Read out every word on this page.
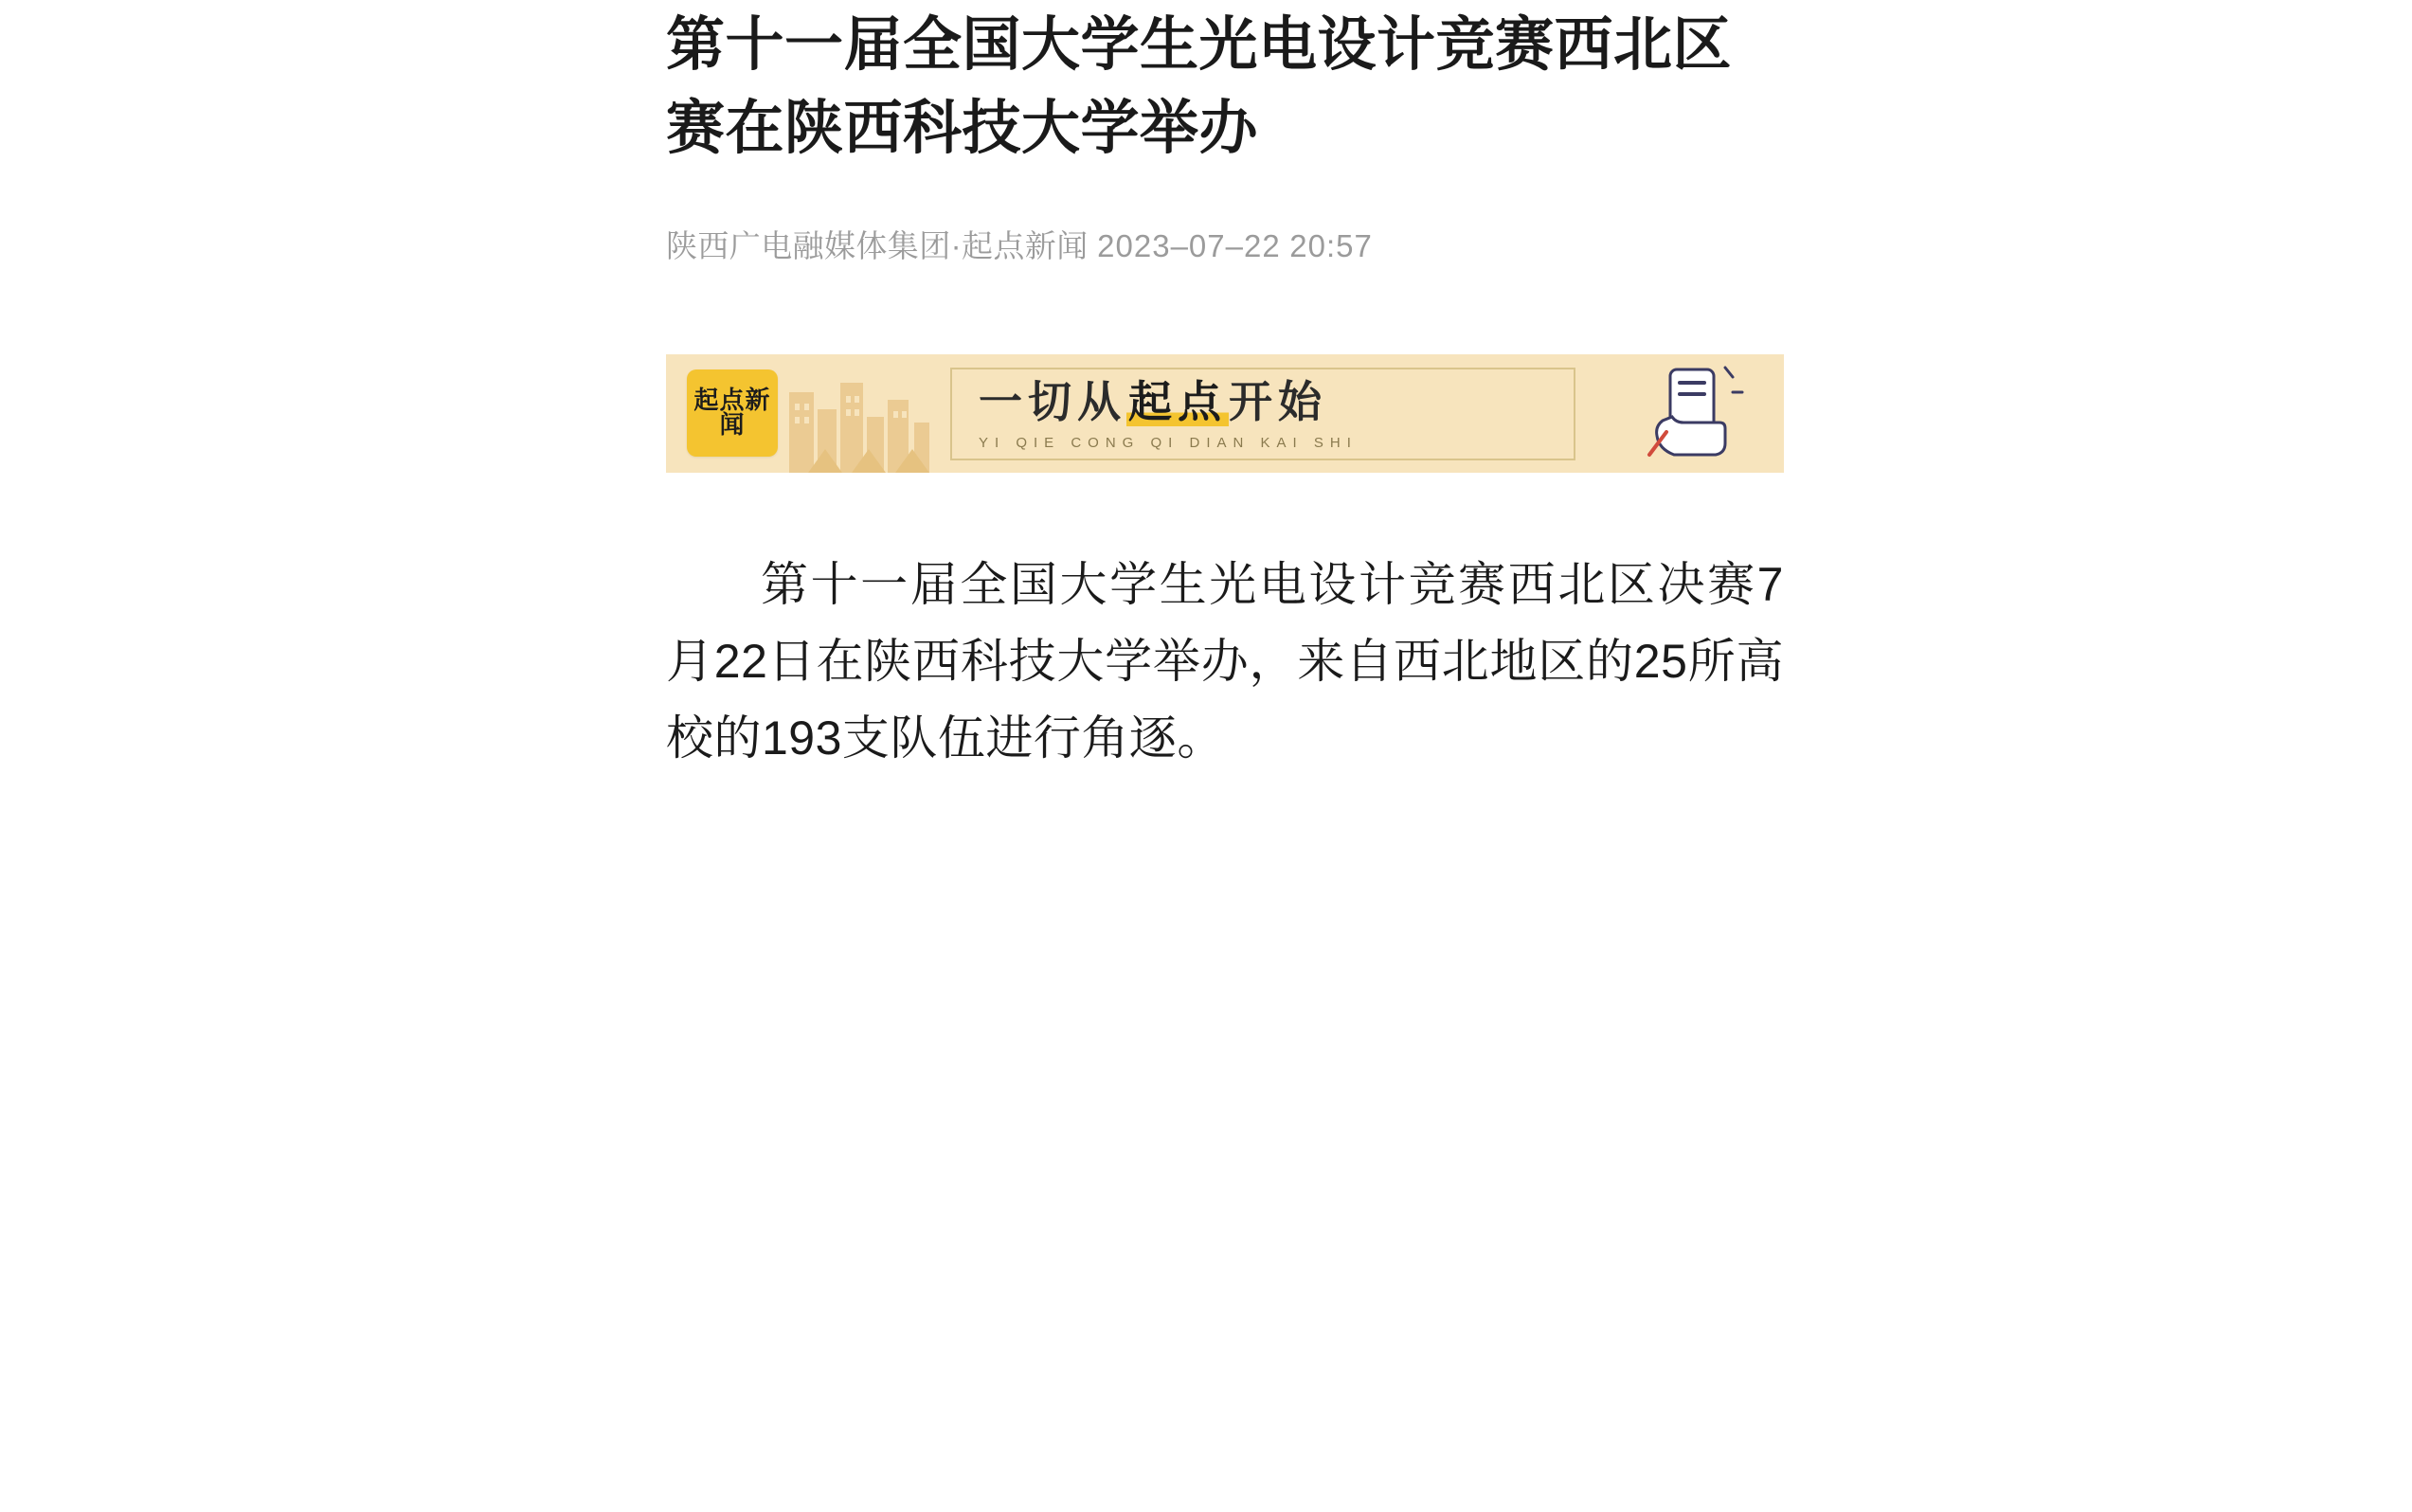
第十一届全国大学生光电设计竞赛西北区赛在陕西科技大学举办
陕西广电融媒体集团·起点新闻 2023–07–22 20:57
起点新闻	一切从起点开始
YI QIE CONG QI DIAN KAI SHI

第十一届全国大学生光电设计竞赛西北区决赛7月22日在陕西科技大学举办，来自西北地区的25所高校的193支队伍进行角逐。
